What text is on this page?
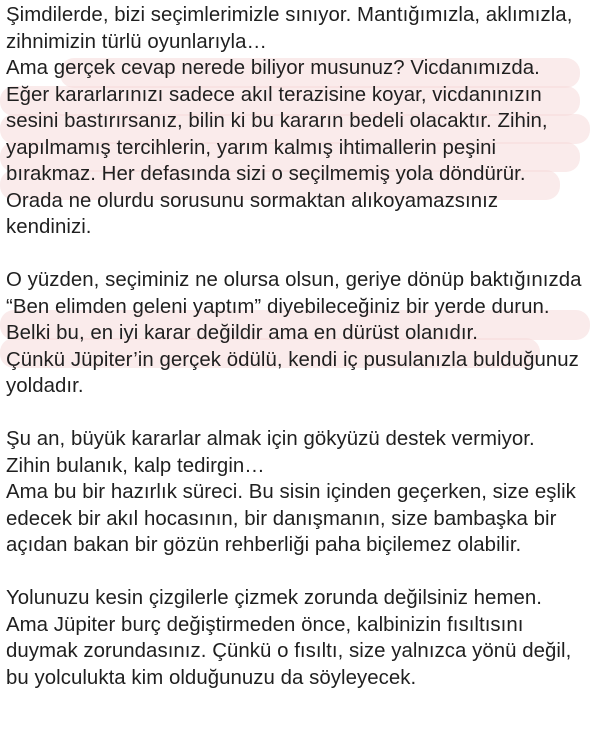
Şimdilerde, bizi seçimlerimizle sınıyor. Mantığımızla, aklımızla,
zihnimizin türlü oyunlarıyla…
Ama gerçek cevap nerede biliyor musunuz? Vicdanımızda.
Eğer kararlarınızı sadece akıl terazisine koyar, vicdanınızın
sesini bastırırsanız, bilin ki bu kararın bedeli olacaktır. Zihin,
yapılmamış tercihlerin, yarım kalmış ihtimallerin peşini
bırakmaz. Her defasında sizi o seçilmemiş yola döndürür.
Orada ne olurdu sorusunu sormaktan alıkoyamazsınız
kendinizi.

O yüzden, seçiminiz ne olursa olsun, geriye dönüp baktığınızda
“Ben elimden geleni yaptım” diyebileceğiniz bir yerde durun.
Belki bu, en iyi karar değildir ama en dürüst olanıdır.
Çünkü Jüpiter’in gerçek ödülü, kendi iç pusulanızla bulduğunuz
yoldadır.

Şu an, büyük kararlar almak için gökyüzü destek vermiyor.
Zihin bulanık, kalp tedirgin…
Ama bu bir hazırlık süreci. Bu sisin içinden geçerken, size eşlik
edecek bir akıl hocasının, bir danışmanın, size bambaşka bir
açıdan bakan bir gözün rehberliği paha biçilemez olabilir.

Yolunuzu kesin çizgilerle çizmek zorunda değilsiniz hemen.
Ama Jüpiter burç değiştirmeden önce, kalbinizin fısıltısını
duymak zorundasınız. Çünkü o fısıltı, size yalnızca yönü değil,
bu yolculukta kim olduğunuzu da söyleyecek.
